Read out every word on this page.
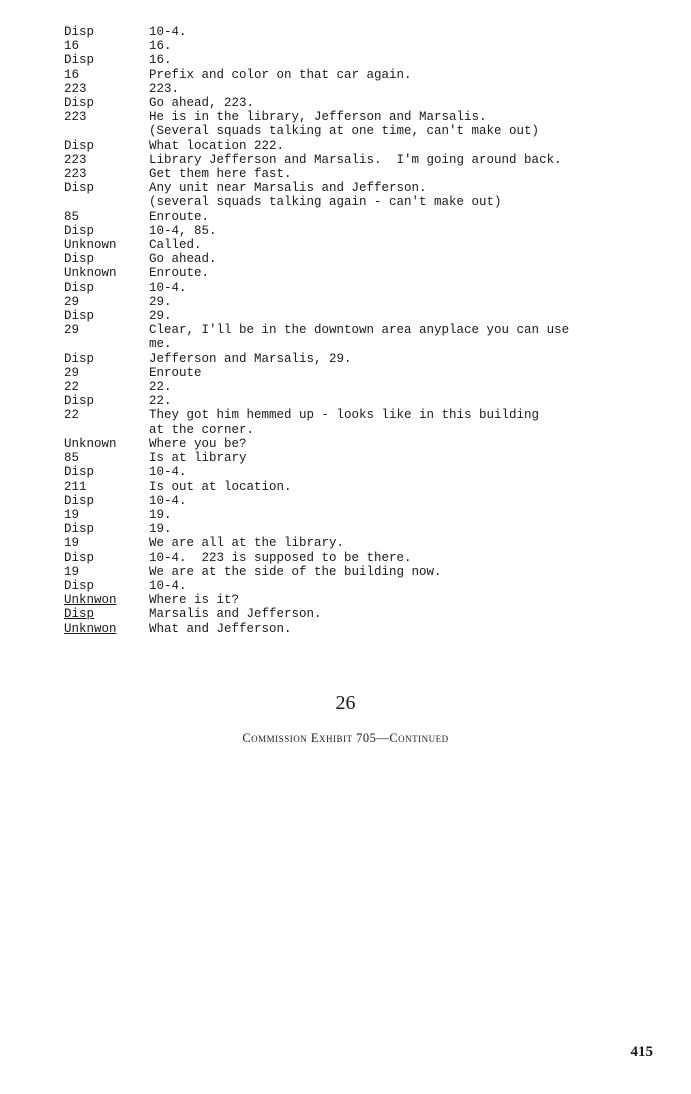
Disp	10-4.
16	16.
Disp	16.
16	Prefix and color on that car again.
223	223.
Disp	Go ahead, 223.
223	He is in the library, Jefferson and Marsalis.
(Several squads talking at one time, can't make out)
Disp	What location 222.
223	Library Jefferson and Marsalis.  I'm going around back.
223	Get them here fast.
Disp	Any unit near Marsalis and Jefferson.
(several squads talking again - can't make out)
85	Enroute.
Disp	10-4, 85.
Unknown	Called.
Disp	Go ahead.
Unknown	Enroute.
Disp	10-4.
29	29.
Disp	29.
29	Clear, I'll be in the downtown area anyplace you can use
me.
Disp	Jefferson and Marsalis, 29.
29	Enroute
22	22.
Disp	22.
22	They got him hemmed up - looks like in this building
at the corner.
Unknown	Where you be?
85	Is at library
Disp	10-4.
211	Is out at location.
Disp	10-4.
19	19.
Disp	19.
19	We are all at the library.
Disp	10-4.  223 is supposed to be there.
19	We are at the side of the building now.
Disp	10-4.
Unknwon	Where is it?
Disp	Marsalis and Jefferson.
Unknwon	What and Jefferson.
26
Commission Exhibit 705—Continued
415
